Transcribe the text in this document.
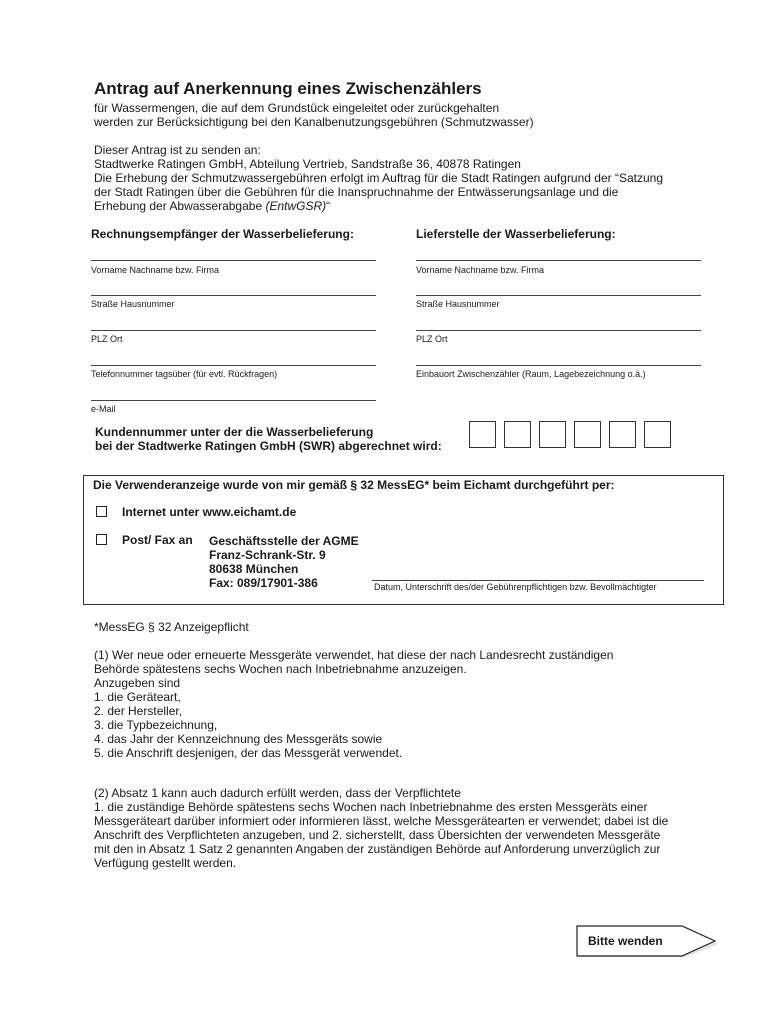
Antrag auf Anerkennung eines Zwischenzählers
für Wassermengen, die auf dem Grundstück eingeleitet oder zurückgehalten
werden zur Berücksichtigung bei den Kanalbenutzungsgebühren (Schmutzwasser)
Dieser Antrag ist zu senden an:
Stadtwerke Ratingen GmbH, Abteilung Vertrieb, Sandstraße 36, 40878 Ratingen
Die Erhebung der Schmutzwassergebühren erfolgt im Auftrag für die Stadt Ratingen aufgrund der “Satzung
der Stadt Ratingen über die Gebühren für die Inanspruchnahme der Entwässerungsanlage und die
Erhebung der Abwasserabgabe (EntwGSR)“
Rechnungsempfänger der Wasserbelieferung:	Lieferstelle der Wasserbelieferung:
Vorname Nachname bzw. Firma
Straße Hausnummer
PLZ Ort
Telefonnummer tagsüber (für evtl. Rückfragen)
e-Mail
Vorname Nachname bzw. Firma
Straße Hausnummer
PLZ Ort
Einbauort Zwischenzähler (Raum, Lagebezeichnung o.ä.)
Kundennummer unter der die Wasserbelieferung
bei der Stadtwerke Ratingen GmbH (SWR) abgerechnet wird:
Die Verwenderanzeige wurde von mir gemäß § 32 MessEG* beim Eichamt durchgeführt per:
Internet unter www.eichamt.de
Post/ Fax an Geschäftsstelle der AGME
Franz-Schrank-Str. 9
80638 München
Fax: 089/17901-386	Datum, Unterschrift des/der Gebührenpflichtigen bzw. Bevollmächtigter
*MessEG § 32 Anzeigepflicht
(1) Wer neue oder erneuerte Messgeräte verwendet, hat diese der nach Landesrecht zuständigen
Behörde spätestens sechs Wochen nach Inbetriebnahme anzuzeigen.
Anzugeben sind
1. die Geräteart,
2. der Hersteller,
3. die Typbezeichnung,
4. das Jahr der Kennzeichnung des Messgeräts sowie
5. die Anschrift desjenigen, der das Messgerät verwendet.
(2) Absatz 1 kann auch dadurch erfüllt werden, dass der Verpflichtete
1. die zuständige Behörde spätestens sechs Wochen nach Inbetriebnahme des ersten Messgeräts einer
Messgeräteart darüber informiert oder informieren lässt, welche Messgerätearten er verwendet; dabei ist die
Anschrift des Verpflichteten anzugeben, und 2. sicherstellt, dass Übersichten der verwendeten Messgeräte
mit den in Absatz 1 Satz 2 genannten Angaben der zuständigen Behörde auf Anforderung unverzüglich zur
Verfügung gestellt werden.
Bitte wenden
